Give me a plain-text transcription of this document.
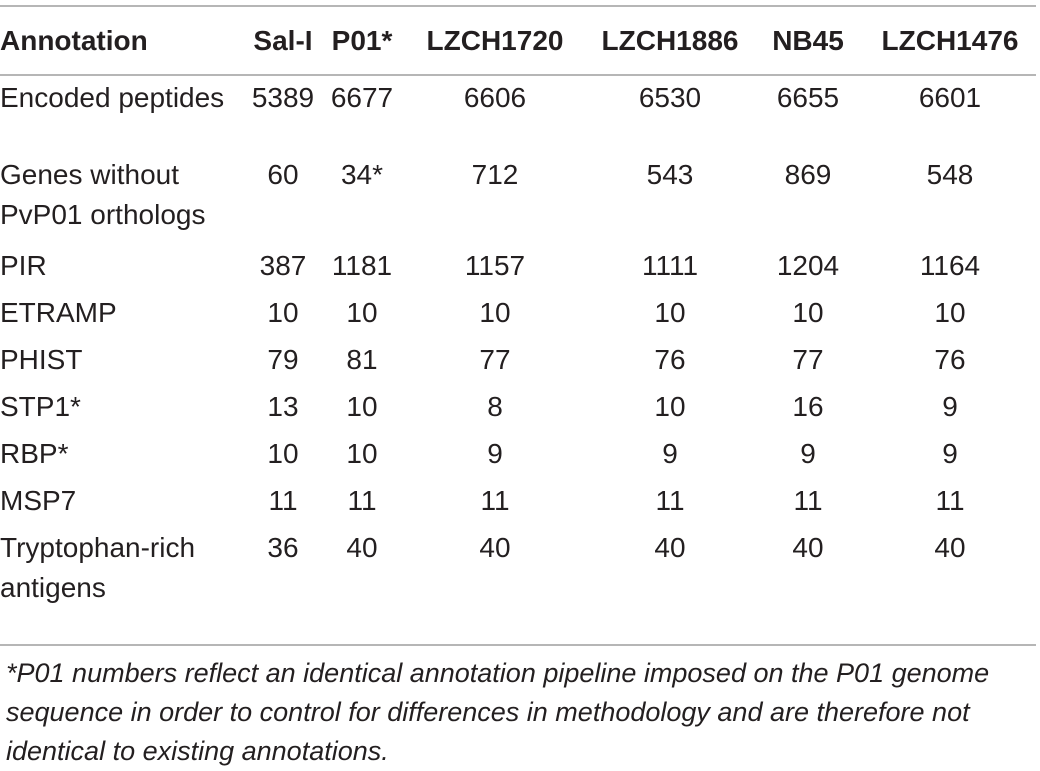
Annotation	Sal-I	P01*	LZCH1720	LZCH1886	NB45	LZCH1476
Encoded peptides	5389	6677	6606	6530	6655	6601
Genes without PvP01 orthologs	60	34*	712	543	869	548
PIR	387	1181	1157	1111	1204	1164
ETRAMP	10	10	10	10	10	10
PHIST	79	81	77	76	77	76
STP1*	13	10	8	10	16	9
RBP*	10	10	9	9	9	9
MSP7	11	11	11	11	11	11
Tryptophan-rich antigens	36	40	40	40	40	40
*P01 numbers reflect an identical annotation pipeline imposed on the P01 genome sequence in order to control for differences in methodology and are therefore not identical to existing annotations.
